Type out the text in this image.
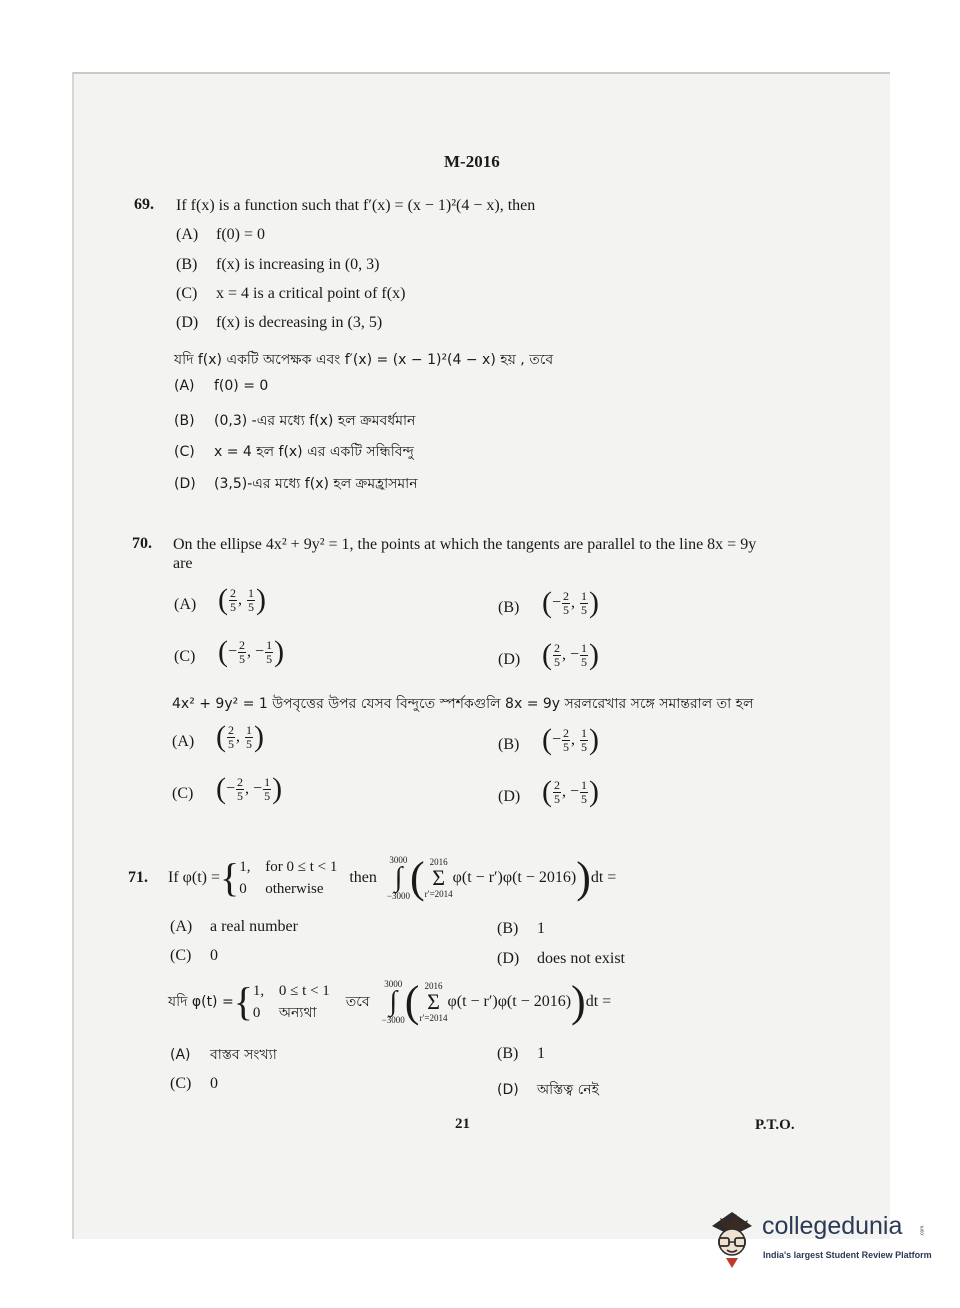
M-2016
69. If f(x) is a function such that f′(x) = (x − 1)²(4 − x), then
(A) f(0) = 0
(B) f(x) is increasing in (0, 3)
(C) x = 4 is a critical point of f(x)
(D) f(x) is decreasing in (3, 5)
যদি f(x) একটি অপেক্ষক এবং f′(x) = (x − 1)²(4 − x) হয় , তবে
(A) f(0) = 0
(B) (0,3) -এর মধ্যে f(x) হল ক্রমবর্ধমান
(C) x = 4 হল f(x) এর একটি সন্ধিবিন্দু
(D) (3,5)-এর মধ্যে f(x) হল ক্রমহ্রাসমান
70. On the ellipse 4x² + 9y² = 1, the points at which the tangents are parallel to the line 8x = 9y
are
(A) ( $\frac{2}{5}$ , $\frac{1}{5}$ )	(B) ( − $\frac{2}{5}$ , $\frac{1}{5}$ )
(C) ( − $\frac{2}{5}$ , − $\frac{1}{5}$ )	(D) ( $\frac{2}{5}$ , − $\frac{1}{5}$ )
4x² + 9y² = 1 উপবৃত্তের উপর যেসব বিন্দুতে স্পর্শকগুলি 8x = 9y সরলরেখার সঙ্গে সমান্তরাল তা হল
(A) ( $\frac{2}{5}$ , $\frac{1}{5}$ )	(B) ( − $\frac{2}{5}$ , $\frac{1}{5}$ )
(C) ( − $\frac{2}{5}$ , − $\frac{1}{5}$ )	(D) ( $\frac{2}{5}$ , − $\frac{1}{5}$ )
71. If φ(t) = { 1, for 0 ≤ t < 1
0 otherwise
then
3000
∫
−3000 ( 2016
Σ
r′=2014
φ(t − r′)φ(t − 2016) ) dt =
(A) a real number	(B) 1
(C) 0	(D) does not exist
যদি φ(t) = { 1, 0 ≤ t < 1
0 অন্যথা
তবে
3000
∫
−3000 ( 2016
Σ
r′=2014
φ(t − r′)φ(t − 2016) ) dt =
(A) বাস্তব সংখ্যা	(B) 1
(C) 0	(D) অস্তিত্ব নেই
21	P.T.O.
collegedunia
India's largest Student Review Platform
.com
